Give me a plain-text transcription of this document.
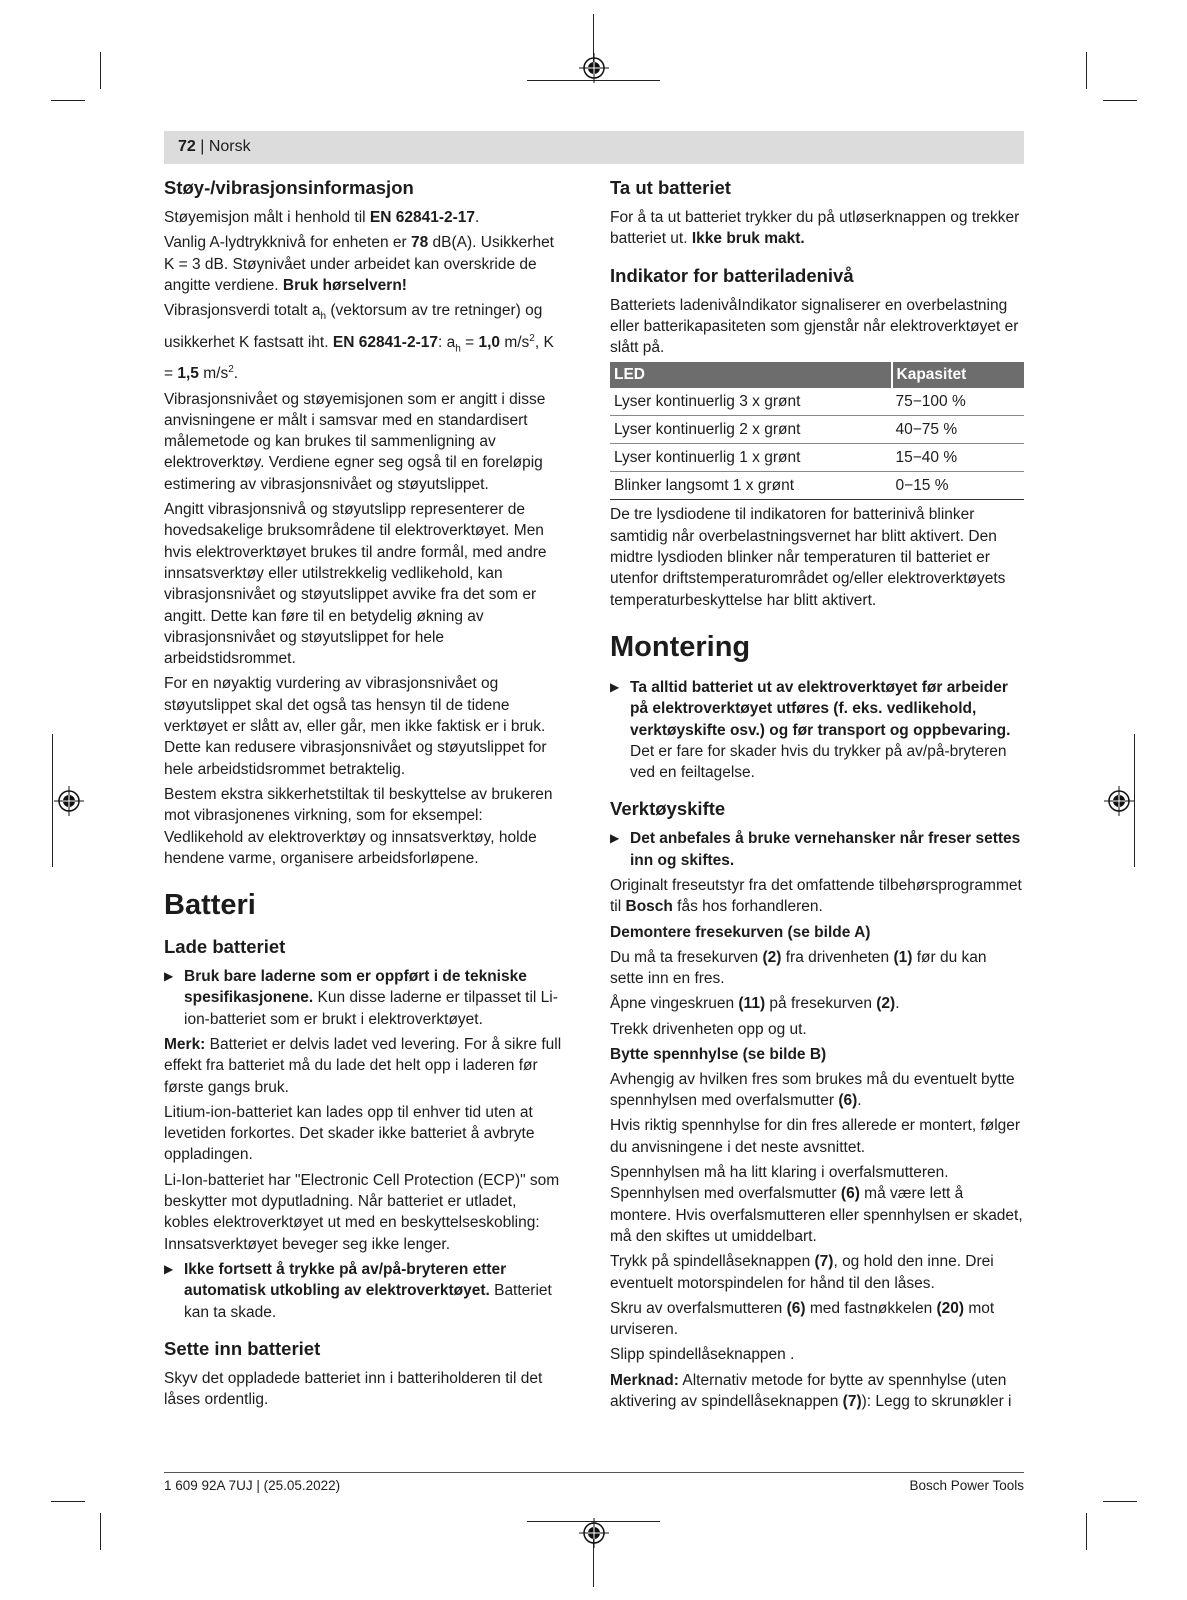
72 | Norsk
Støy-/vibrasjonsinformasjon

Støyemisjon målt i henhold til EN 62841-2-17.

Vanlig A-lydtrykknivå for enheten er 78 dB(A). Usikkerhet K = 3 dB. Støynivået under arbeidet kan overskride de angitte verdiene. Bruk hørselvern!

Vibrasjonsverdi totalt $a_h$ (vektorsum av tre retninger) og usikkerhet K fastsatt iht. EN 62841-2-17: $a_h = 1,0$ $m/s^2$, K = 1,5 $m/s^2$.

Vibrasjonsnivået og støyemisjonen som er angitt i disse anvisningene er målt i samsvar med en standardisert målemetode og kan brukes til sammenligning av elektroverktøy. Verdiene egner seg også til en foreløpig estimering av vibrasjonsnivået og støyutslippet.

Angitt vibrasjonsnivå og støyutslipp representerer de hovedsakelige bruksområdene til elektroverktøyet. Men hvis elektroverktøyet brukes til andre formål, med andre innsatsverktøy eller utilstrekkelig vedlikehold, kan vibrasjonsnivået og støyutslippet avvike fra det som er angitt. Dette kan føre til en betydelig økning av vibrasjonsnivået og støyutslippet for hele arbeidstidsrommet.

For en nøyaktig vurdering av vibrasjonsnivået og støyutslippet skal det også tas hensyn til de tidene verktøyet er slått av, eller går, men ikke faktisk er i bruk. Dette kan redusere vibrasjonsnivået og støyutslippet for hele arbeidstidsrommet betraktelig.

Bestem ekstra sikkerhetstiltak til beskyttelse av brukeren mot vibrasjonenes virkning, som for eksempel: Vedlikehold av elektroverktøy og innsatsverktøy, holde hendene varme, organisere arbeidsforløpene.

Batteri
Lade batteriet

▶ Bruk bare laderne som er oppført i de tekniske spesifikasjonene. Kun disse laderne er tilpasset til Li-ion-batteriet som er brukt i elektroverktøyet.

Merk: Batteriet er delvis ladet ved levering. For å sikre full effekt fra batteriet må du lade det helt opp i laderen før første gangs bruk.

Litium-ion-batteriet kan lades opp til enhver tid uten at levetiden forkortes. Det skader ikke batteriet å avbryte oppladingen.

Li-Ion-batteriet har "Electronic Cell Protection (ECP)" som beskytter mot dyputladning. Når batteriet er utladet, kobles elektroverktøyet ut med en beskyttelseskobling: Innsatsverktøyet beveger seg ikke lenger.

▶ Ikke fortsett å trykke på av/på-bryteren etter automatisk utkobling av elektroverktøyet. Batteriet kan ta skade.

Sette inn batteriet

Skyv det oppladede batteriet inn i batteriholderen til det låses ordentlig.

Ta ut batteriet

For å ta ut batteriet trykker du på utløserknappen og trekker batteriet ut. Ikke bruk makt.

Indikator for batteriladenivå

Batteriets ladenivåIndikator signaliserer en overbelastning eller batterikapasiteten som gjenstår når elektroverktøyet er slått på.

LED	Kapasitet
Lyser kontinuerlig 3 x grønt	75−100 %
Lyser kontinuerlig 2 x grønt	40−75 %
Lyser kontinuerlig 1 x grønt	15−40 %
Blinker langsomt 1 x grønt	0−15 %

De tre lysdiodene til indikatoren for batterinivå blinker samtidig når overbelastningsvernet har blitt aktivert. Den midtre lysdioden blinker når temperaturen til batteriet er utenfor driftstemperaturområdet og/eller elektroverktøyets temperaturbeskyttelse har blitt aktivert.

Montering

▶ Ta alltid batteriet ut av elektroverktøyet før arbeider på elektroverktøyet utføres (f. eks. vedlikehold, verktøyskifte osv.) og før transport og oppbevaring. Det er fare for skader hvis du trykker på av/på-bryteren ved en feiltagelse.

Verktøyskifte

▶ Det anbefales å bruke vernehansker når freser settes inn og skiftes.

Originalt freseutstyr fra det omfattende tilbehørsprogrammet til Bosch fås hos forhandleren.

Demontere fresekurven (se bilde A)

Du må ta fresekurven (2) fra drivenheten (1) før du kan sette inn en fres.

Åpne vingeskruen (11) på fresekurven (2).

Trekk drivenheten opp og ut.

Bytte spennhylse (se bilde B)

Avhengig av hvilken fres som brukes må du eventuelt bytte spennhylsen med overfalsmutter (6).

Hvis riktig spennhylse for din fres allerede er montert, følger du anvisningene i det neste avsnittet.

Spennhylsen må ha litt klaring i overfalsmutteren. Spennhylsen med overfalsmutter (6) må være lett å montere. Hvis overfalsmutteren eller spennhylsen er skadet, må den skiftes ut umiddelbart.

Trykk på spindellåseknappen (7), og hold den inne. Drei eventuelt motorspindelen for hånd til den låses.

Skru av overfalsmutteren (6) med fastnøkkelen (20) mot urviseren.

Slipp spindellåseknappen .

Merknad: Alternativ metode for bytte av spennhylse (uten aktivering av spindellåseknappen (7)): Legg to skrunøkler i

1 609 92A 7UJ | (25.05.2022)	Bosch Power Tools
